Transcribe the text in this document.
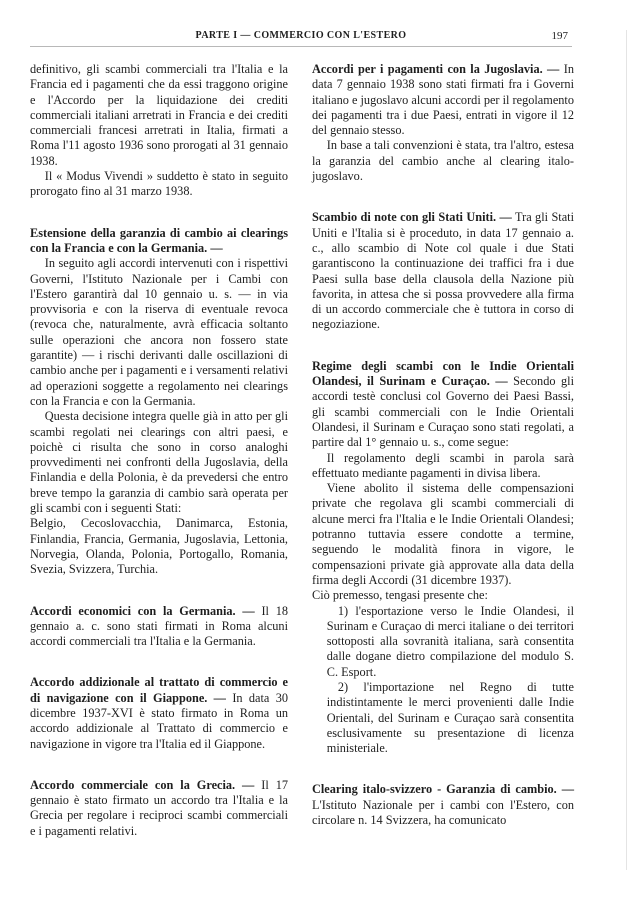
PARTE I — COMMERCIO CON L'ESTERO	197

definitivo, gli scambi commerciali tra l'Italia e la Francia ed i pagamenti che da essi traggono origine e l'Accordo per la liquidazione dei crediti commerciali italiani arretrati in Francia e dei crediti commerciali francesi arretrati in Italia, firmati a Roma l'11 agosto 1936 sono prorogati al 31 gennaio 1938.

Il « Modus Vivendi » suddetto è stato in seguito prorogato fino al 31 marzo 1938.

Estensione della garanzia di cambio ai clearings con la Francia e con la Germania. —

In seguito agli accordi intervenuti con i rispettivi Governi, l'Istituto Nazionale per i Cambi con l'Estero garantirà dal 10 gennaio u. s. — in via provvisoria e con la riserva di eventuale revoca (revoca che, naturalmente, avrà efficacia soltanto sulle operazioni che ancora non fossero state garantite) — i rischi derivanti dalle oscillazioni di cambio anche per i pagamenti e i versamenti relativi ad operazioni soggette a regolamento nei clearings con la Francia e con la Germania.

Questa decisione integra quelle già in atto per gli scambi regolati nei clearings con altri paesi, e poichè ci risulta che sono in corso analoghi provvedimenti nei confronti della Jugoslavia, della Finlandia e della Polonia, è da prevedersi che entro breve tempo la garanzia di cambio sarà operata per gli scambi con i seguenti Stati:

Belgio, Cecoslovacchia, Danimarca, Estonia, Finlandia, Francia, Germania, Jugoslavia, Lettonia, Norvegia, Olanda, Polonia, Portogallo, Romania, Svezia, Svizzera, Turchia.

Accordi economici con la Germania. — Il 18 gennaio a. c. sono stati firmati in Roma alcuni accordi commerciali tra l'Italia e la Germania.

Accordo addizionale al trattato di commercio e di navigazione con il Giappone. — In data 30 dicembre 1937-XVI è stato firmato in Roma un accordo addizionale al Trattato di commercio e navigazione in vigore tra l'Italia ed il Giappone.

Accordo commerciale con la Grecia. — Il 17 gennaio è stato firmato un accordo tra l'Italia e la Grecia per regolare i reciproci scambi commerciali e i pagamenti relativi.

Accordi per i pagamenti con la Jugoslavia. — In data 7 gennaio 1938 sono stati firmati fra i Governi italiano e jugoslavo alcuni accordi per il regolamento dei pagamenti tra i due Paesi, entrati in vigore il 12 del gennaio stesso.

In base a tali convenzioni è stata, tra l'altro, estesa la garanzia del cambio anche al clearing italo-jugoslavo.

Scambio di note con gli Stati Uniti. — Tra gli Stati Uniti e l'Italia si è proceduto, in data 17 gennaio a. c., allo scambio di Note col quale i due Stati garantiscono la continuazione dei traffici fra i due Paesi sulla base della clausola della Nazione più favorita, in attesa che si possa provvedere alla firma di un accordo commerciale che è tuttora in corso di negoziazione.

Regime degli scambi con le Indie Orientali Olandesi, il Surinam e Curaçao. — Secondo gli accordi testè conclusi col Governo dei Paesi Bassi, gli scambi commerciali con le Indie Orientali Olandesi, il Surinam e Curaçao sono stati regolati, a partire dal 1° gennaio u. s., come segue:

Il regolamento degli scambi in parola sarà effettuato mediante pagamenti in divisa libera.

Viene abolito il sistema delle compensazioni private che regolava gli scambi commerciali di alcune merci fra l'Italia e le Indie Orientali Olandesi; potranno tuttavia essere condotte a termine, seguendo le modalità finora in vigore, le compensazioni private già approvate alla data della firma degli Accordi (31 dicembre 1937).

Ciò premesso, tengasi presente che:

1) l'esportazione verso le Indie Olandesi, il Surinam e Curaçao di merci italiane o dei territori sottoposti alla sovranità italiana, sarà consentita dalle dogane dietro compilazione del modulo S. C. Esport.

2) l'importazione nel Regno di tutte indistintamente le merci provenienti dalle Indie Orientali, del Surinam e Curaçao sarà consentita esclusivamente su presentazione di licenza ministeriale.

Clearing italo-svizzero - Garanzia di cambio. — L'Istituto Nazionale per i cambi con l'Estero, con circolare n. 14 Svizzera, ha comunicato
